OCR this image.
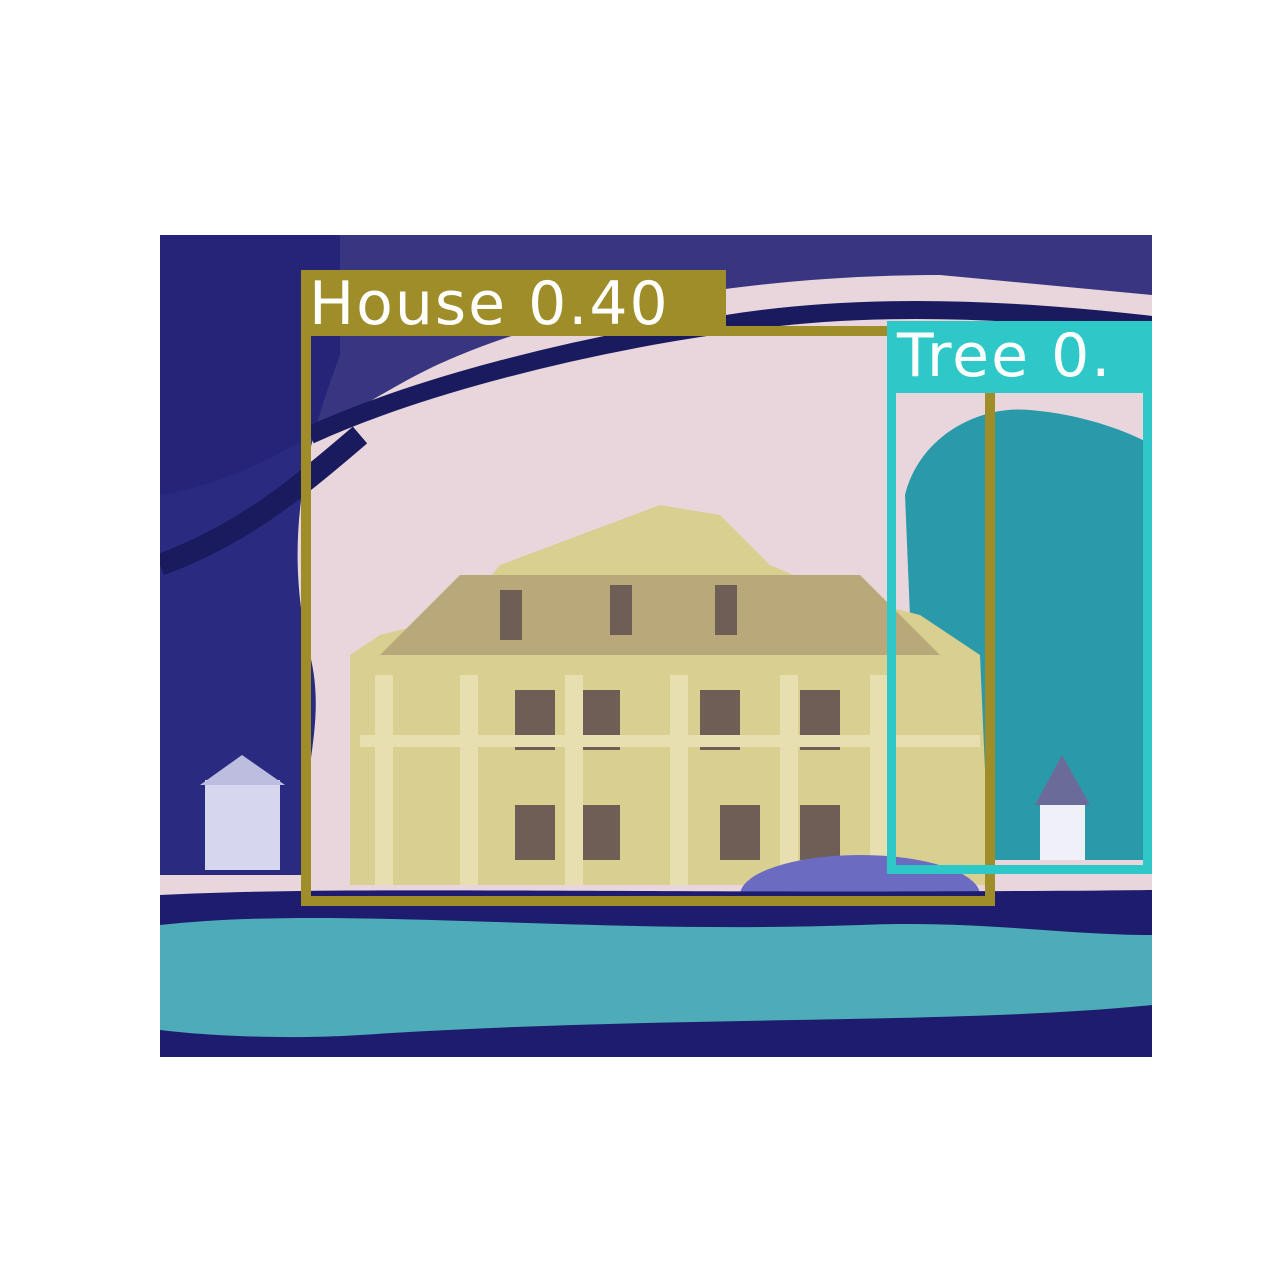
House 0.40
Tree 0.
